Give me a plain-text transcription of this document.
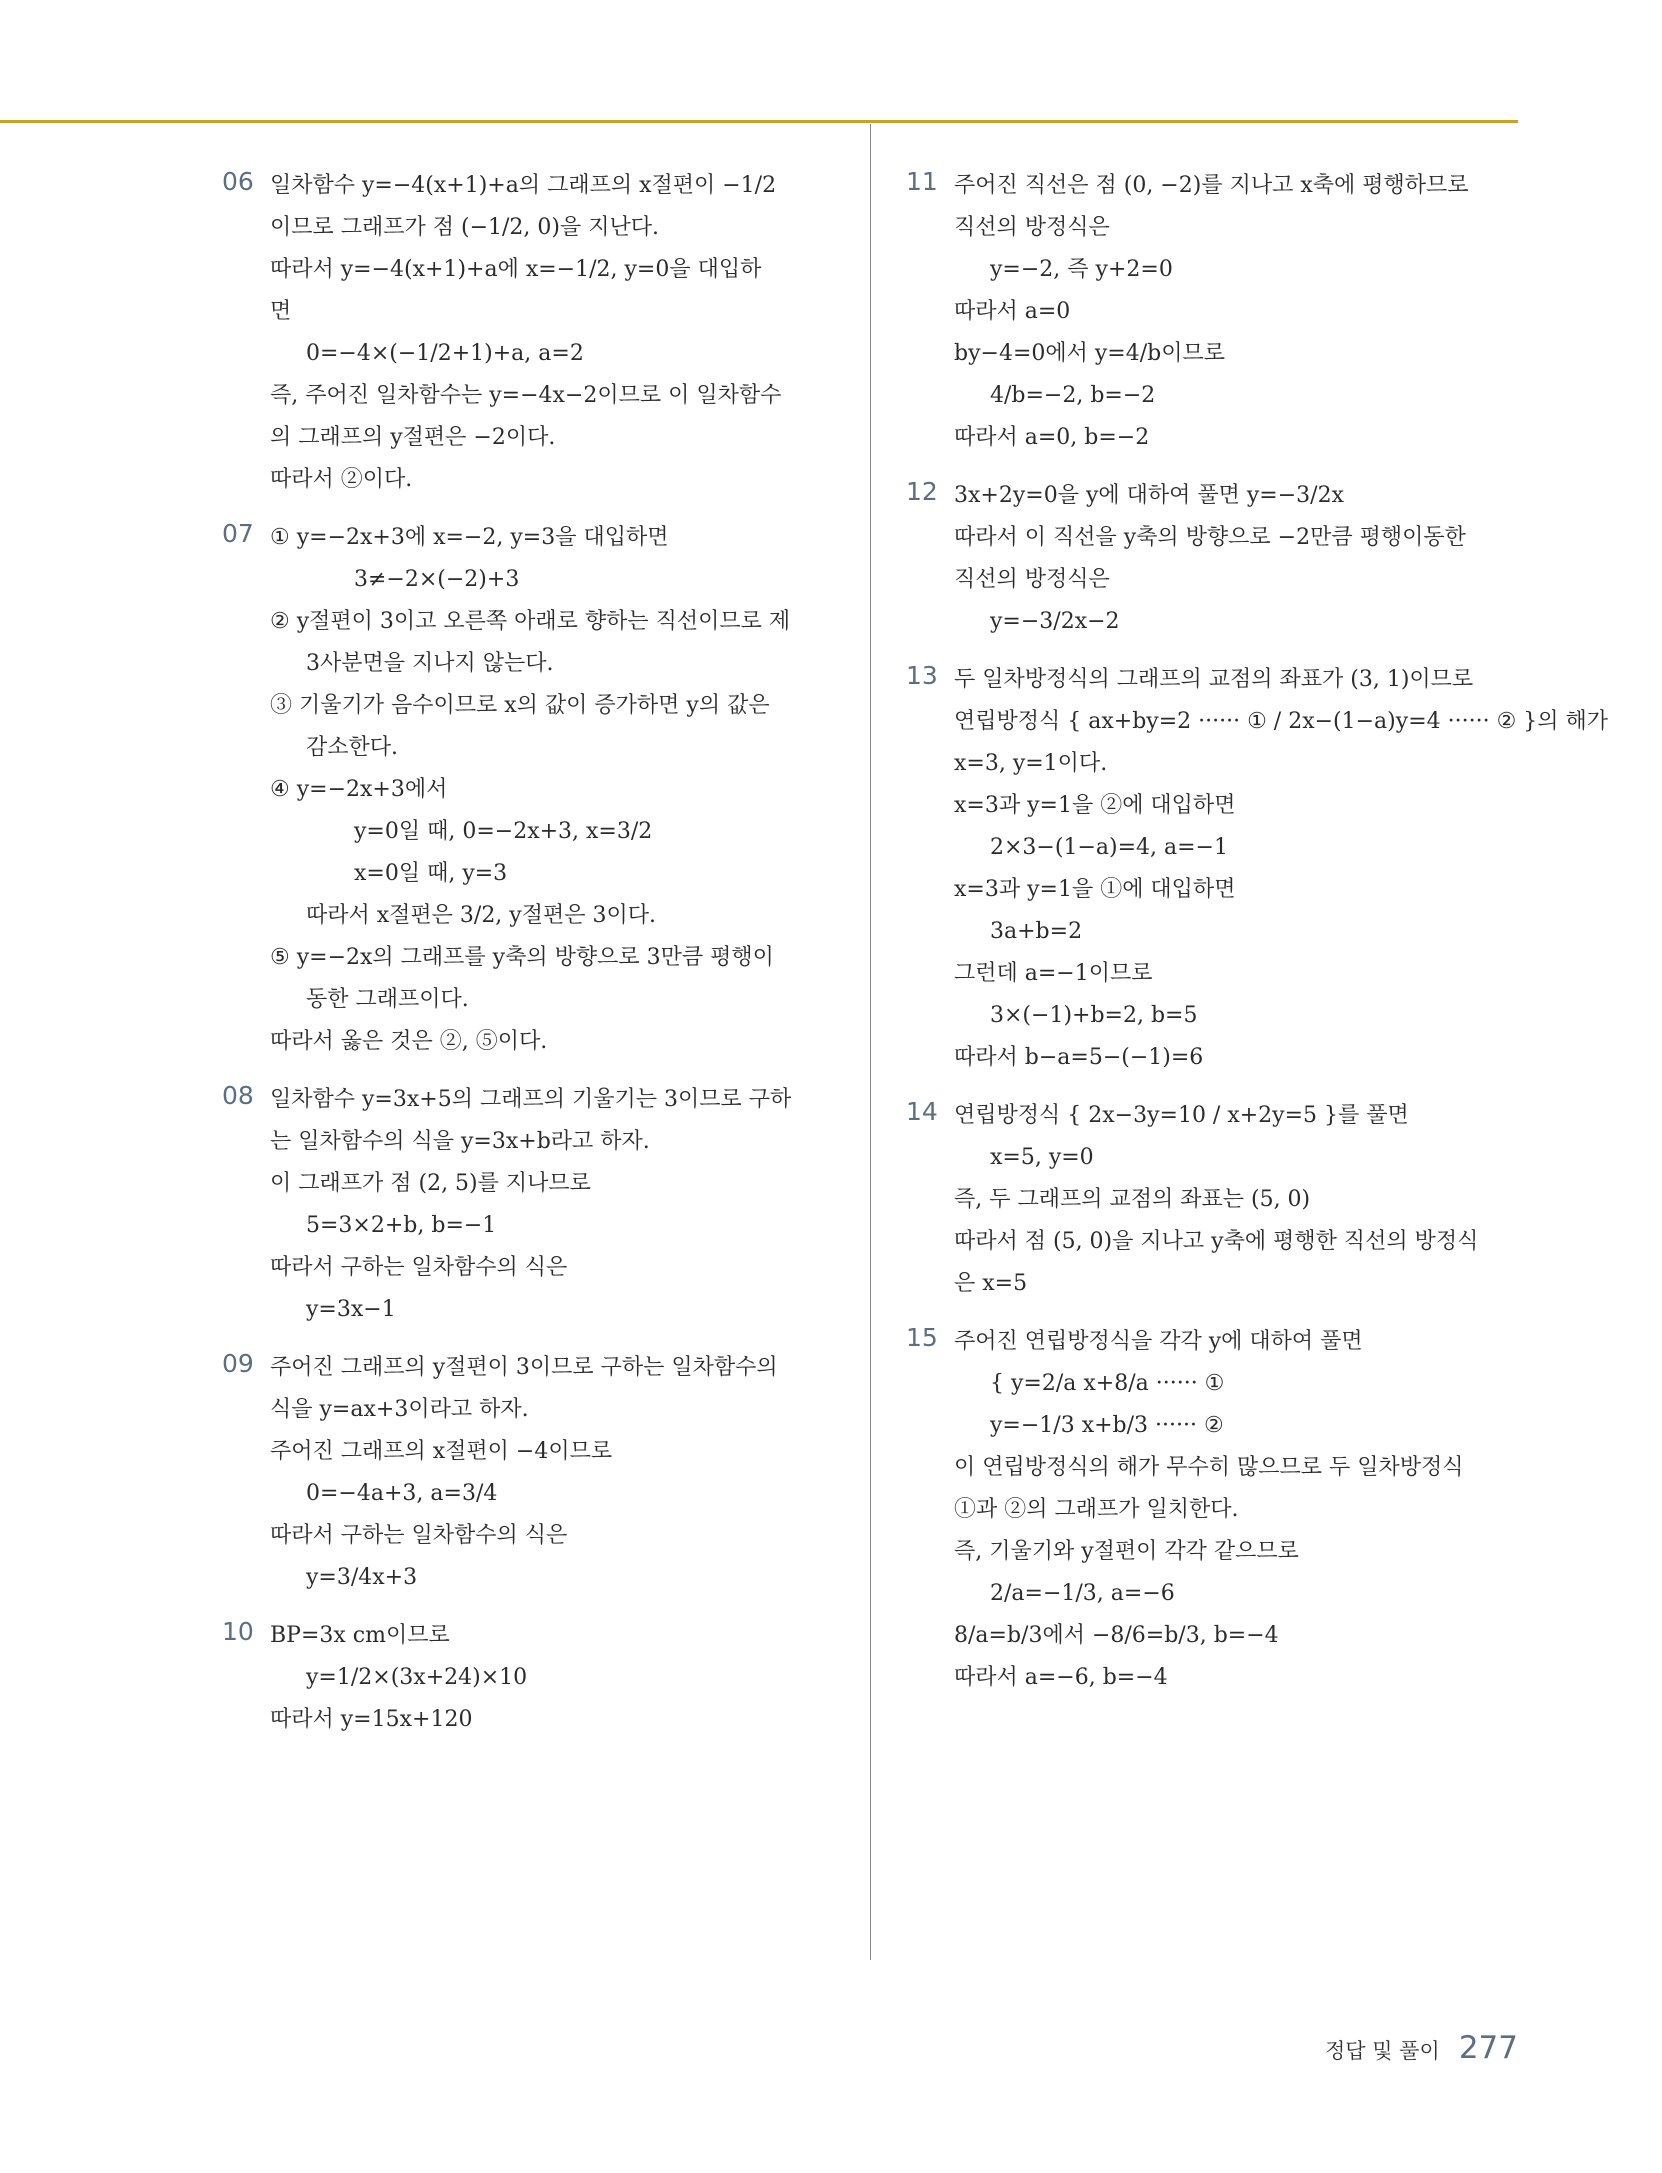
06 일차함수 y=−4(x+1)+a의 그래프의 x절편이 −1/2
이므로 그래프가 점 (−1/2, 0)을 지난다.
따라서 y=−4(x+1)+a에 x=−1/2, y=0을 대입하
면
0=−4×(−1/2+1)+a, a=2
즉, 주어진 일차함수는 y=−4x−2이므로 이 일차함수
의 그래프의 y절편은 −2이다.
따라서 ②이다.
07 ① y=−2x+3에 x=−2, y=3을 대입하면
3≠−2×(−2)+3
② y절편이 3이고 오른쪽 아래로 향하는 직선이므로 제
3사분면을 지나지 않는다.
③ 기울기가 음수이므로 x의 값이 증가하면 y의 값은
감소한다.
④ y=−2x+3에서
y=0일 때, 0=−2x+3, x=3/2
x=0일 때, y=3
따라서 x절편은 3/2, y절편은 3이다.
⑤ y=−2x의 그래프를 y축의 방향으로 3만큼 평행이
동한 그래프이다.
따라서 옳은 것은 ②, ⑤이다.
08 일차함수 y=3x+5의 그래프의 기울기는 3이므로 구하
는 일차함수의 식을 y=3x+b라고 하자.
이 그래프가 점 (2, 5)를 지나므로
5=3×2+b, b=−1
따라서 구하는 일차함수의 식은
y=3x−1
09 주어진 그래프의 y절편이 3이므로 구하는 일차함수의
식을 y=ax+3이라고 하자.
주어진 그래프의 x절편이 −4이므로
0=−4a+3, a=3/4
따라서 구하는 일차함수의 식은
y=3/4x+3
10 BP=3x cm이므로
y=1/2×(3x+24)×10
따라서 y=15x+120
11 주어진 직선은 점 (0, −2)를 지나고 x축에 평행하므로
직선의 방정식은
y=−2, 즉 y+2=0
따라서 a=0
by−4=0에서 y=4/b이므로
4/b=−2, b=−2
따라서 a=0, b=−2
12 3x+2y=0을 y에 대하여 풀면 y=−3/2x
따라서 이 직선을 y축의 방향으로 −2만큼 평행이동한
직선의 방정식은
y=−3/2x−2
13 두 일차방정식의 그래프의 교점의 좌표가 (3, 1)이므로
연립방정식 { ax+by=2 ······ ① / 2x−(1−a)y=4 ······ ② }의 해가
x=3, y=1이다.
x=3과 y=1을 ②에 대입하면
2×3−(1−a)=4, a=−1
x=3과 y=1을 ①에 대입하면
3a+b=2
그런데 a=−1이므로
3×(−1)+b=2, b=5
따라서 b−a=5−(−1)=6
14 연립방정식 { 2x−3y=10 / x+2y=5 }를 풀면
x=5, y=0
즉, 두 그래프의 교점의 좌표는 (5, 0)
따라서 점 (5, 0)을 지나고 y축에 평행한 직선의 방정식
은 x=5
15 주어진 연립방정식을 각각 y에 대하여 풀면
{ y=2/a x+8/a ······ ①
y=−1/3 x+b/3 ······ ②
이 연립방정식의 해가 무수히 많으므로 두 일차방정식
①과 ②의 그래프가 일치한다.
즉, 기울기와 y절편이 각각 같으므로
2/a=−1/3, a=−6
8/a=b/3에서 −8/6=b/3, b=−4
따라서 a=−6, b=−4
정답 및 풀이 277
